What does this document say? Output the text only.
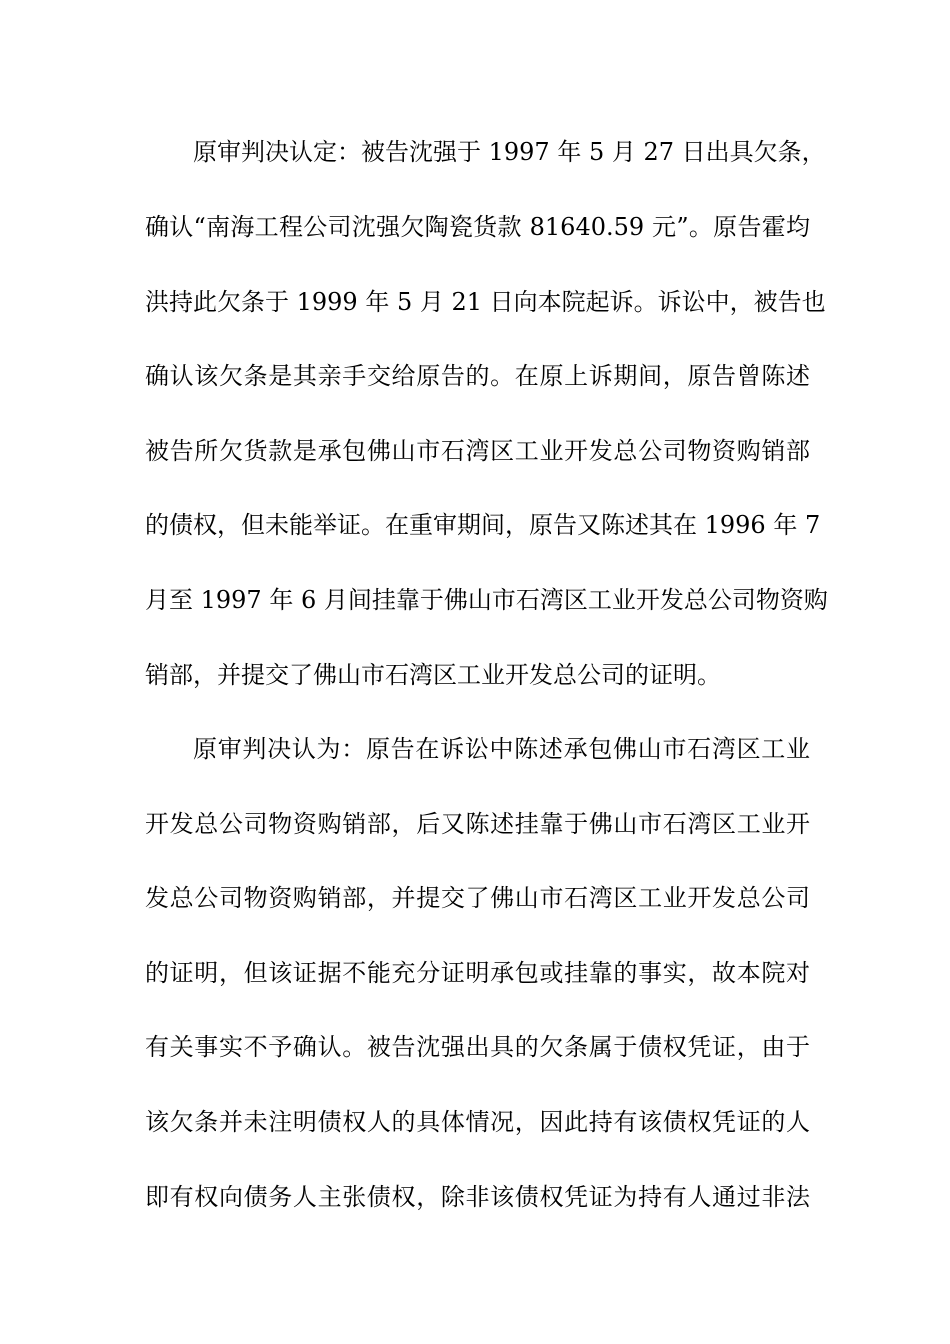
原审判决认定：被告沈强于 1997 年 5 月 27 日出具欠条，
确认“南海工程公司沈强欠陶瓷货款 81640.59 元”。原告霍均
洪持此欠条于 1999 年 5 月 21 日向本院起诉。诉讼中，被告也
确认该欠条是其亲手交给原告的。在原上诉期间，原告曾陈述
被告所欠货款是承包佛山市石湾区工业开发总公司物资购销部
的债权，但未能举证。在重审期间，原告又陈述其在 1996 年 7
月至 1997 年 6 月间挂靠于佛山市石湾区工业开发总公司物资购
销部，并提交了佛山市石湾区工业开发总公司的证明。
原审判决认为：原告在诉讼中陈述承包佛山市石湾区工业
开发总公司物资购销部，后又陈述挂靠于佛山市石湾区工业开
发总公司物资购销部，并提交了佛山市石湾区工业开发总公司
的证明，但该证据不能充分证明承包或挂靠的事实，故本院对
有关事实不予确认。被告沈强出具的欠条属于债权凭证，由于
该欠条并未注明债权人的具体情况，因此持有该债权凭证的人
即有权向债务人主张债权，除非该债权凭证为持有人通过非法
